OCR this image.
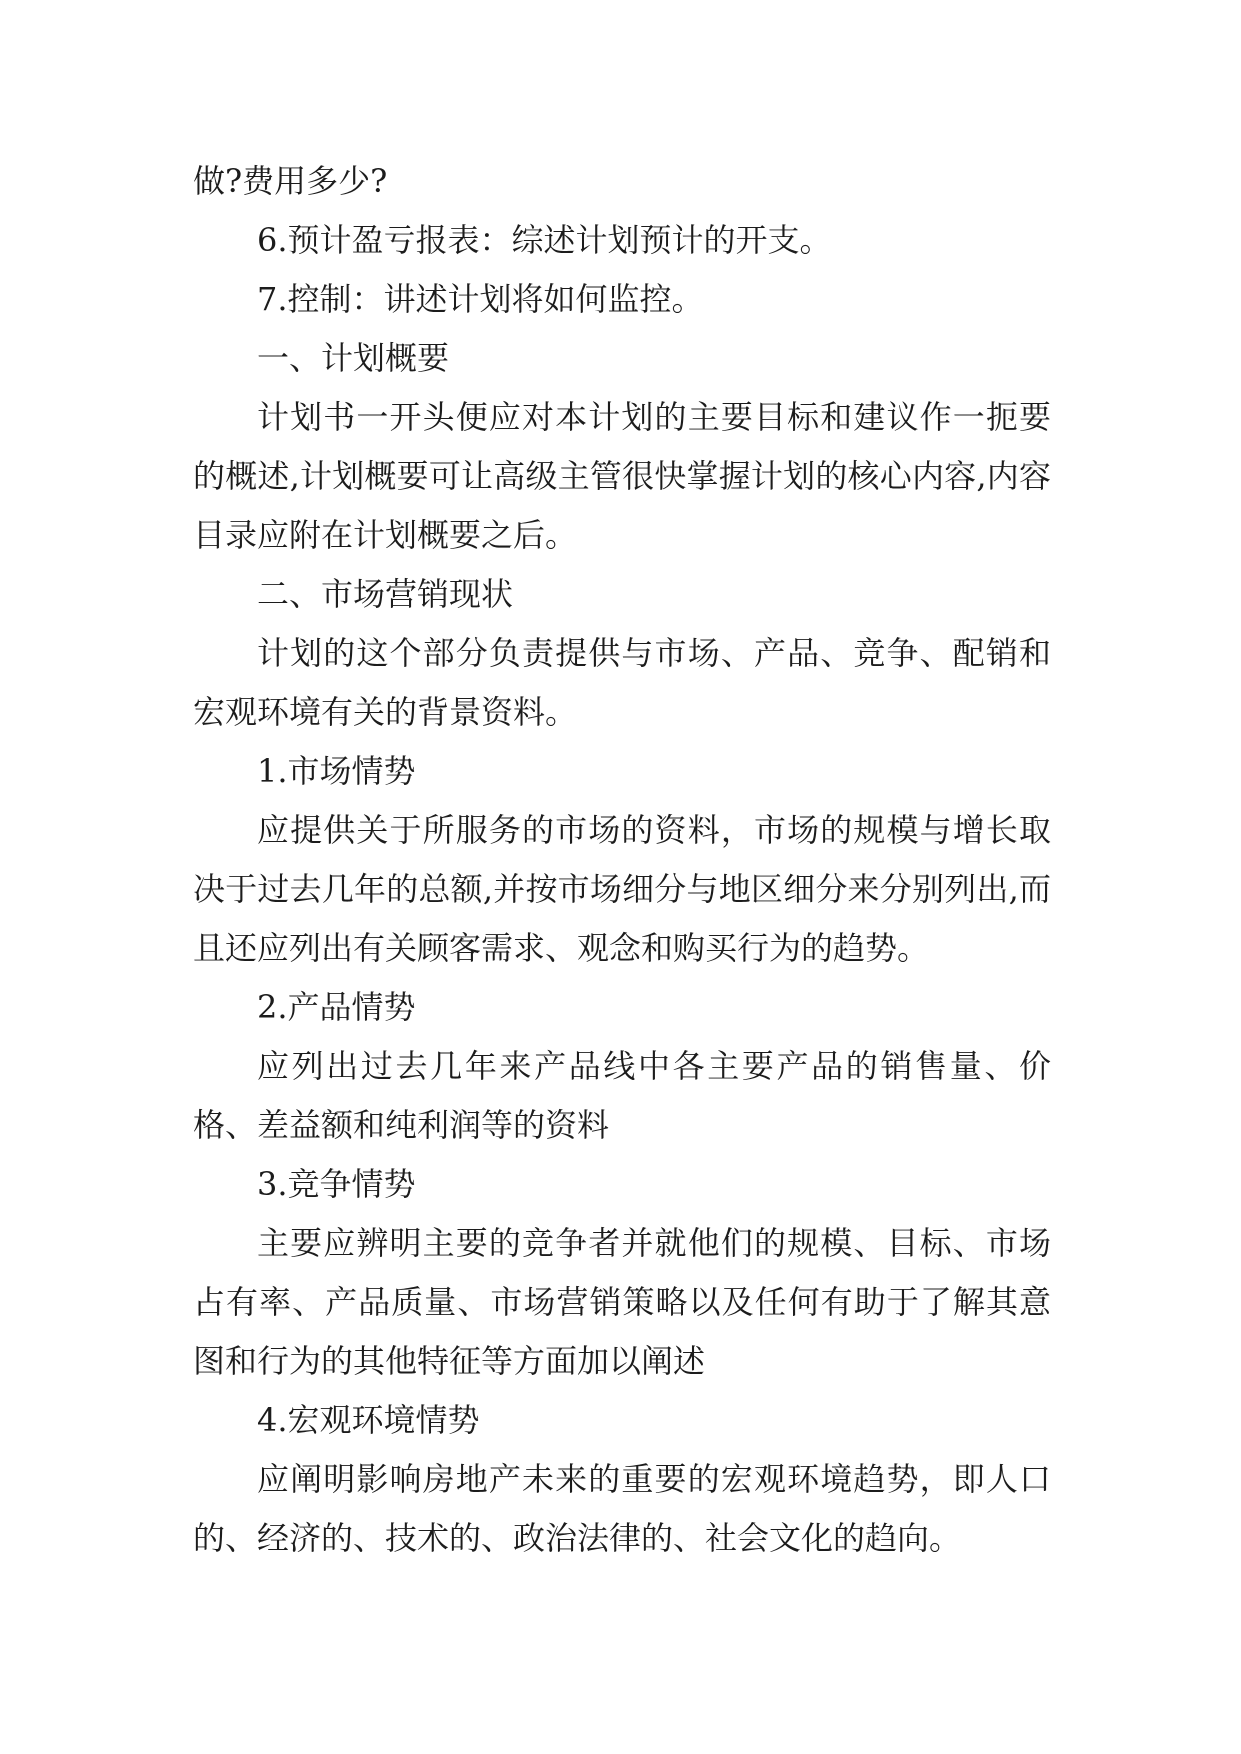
做?费用多少?

6.预计盈亏报表：综述计划预计的开支。

7.控制：讲述计划将如何监控。

一、计划概要

计划书一开头便应对本计划的主要目标和建议作一扼要的概述,计划概要可让高级主管很快掌握计划的核心内容,内容目录应附在计划概要之后。

二、市场营销现状

计划的这个部分负责提供与市场、产品、竞争、配销和宏观环境有关的背景资料。

1.市场情势

应提供关于所服务的市场的资料，市场的规模与增长取决于过去几年的总额,并按市场细分与地区细分来分别列出,而且还应列出有关顾客需求、观念和购买行为的趋势。

2.产品情势

应列出过去几年来产品线中各主要产品的销售量、价格、差益额和纯利润等的资料

3.竞争情势

主要应辨明主要的竞争者并就他们的规模、目标、市场占有率、产品质量、市场营销策略以及任何有助于了解其意图和行为的其他特征等方面加以阐述

4.宏观环境情势

应阐明影响房地产未来的重要的宏观环境趋势，即人口的、经济的、技术的、政治法律的、社会文化的趋向。
